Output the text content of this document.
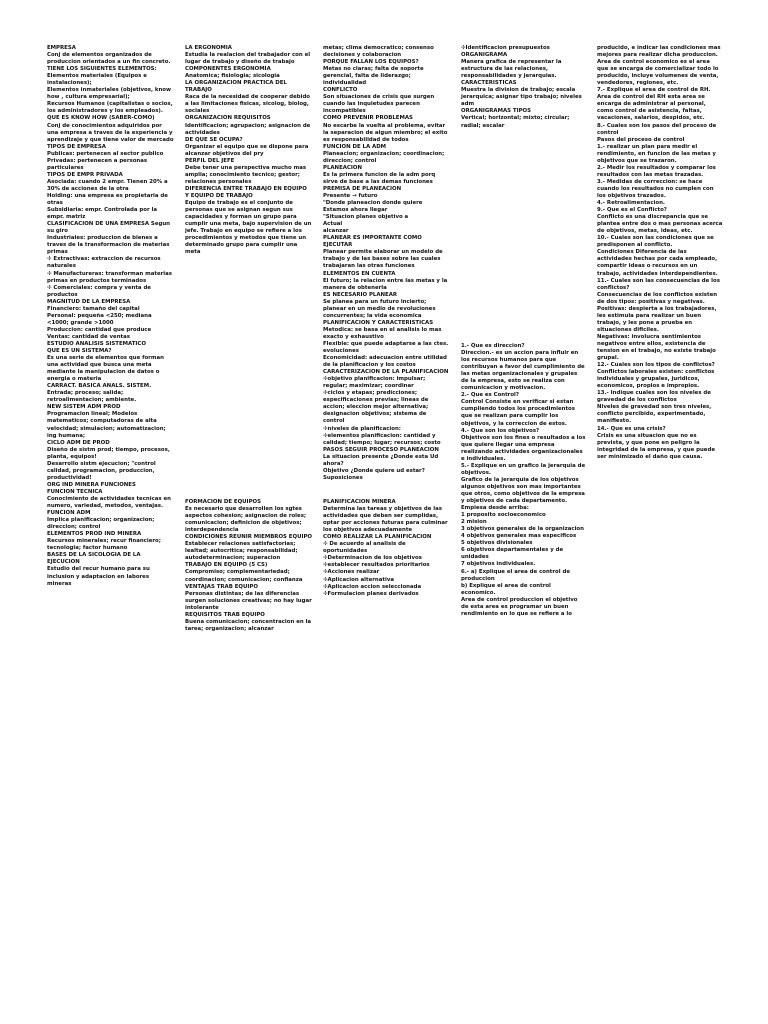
EMPRESA

Conj de elementos organizados de produccion orientados a un fin concreto.

TIENE LOS SIGUIENTES ELEMENTOS:

Elementos materiales (Equipos e instalaciones);

Elementos inmateriales (objetivos, know how , cultura empresarial);

Recursos Humanos (capitalistas o socios, los administradores y los empleados).

QUE ES KNOW HOW (SABER-COMO)

Conj de conocimientos adquiridos por una empresa a traves de la experiencia y aprendizaje y que tiene valor de mercado

TIPOS DE EMPRESA

Publicas: pertenecen al sector publico

Privadas: pertenecen a personas particulares

TIPOS DE EMPR PRIVADA

Asociada: cuando 2 empr. Tienen 20% a 30% de acciones de la otra

Holding: una empresa es propietaria de otras

Subsidiaria: empr. Controlada por la empr. matriz

CLASIFICACION DE UNA EMPRESA Segun su giro

Industriales: produccion de bienes a traves de la transformacion de materias primas

✢ Extractivas: extraccion de recursos naturales

✢ Manufactureras: transforman materias primas en productos terminados

✢ Comerciales: compra y venta de productos

MAGNITUD DE LA EMPRESA

Financiero: tamaño del capital

Personal: pequeña <250; mediana <1000; grande >1000

Produccion: cantidad que produce

Ventas: cantidad de ventas

ESTUDIO ANALISIS SISTEMATICO

QUE ES UN SISTEMA?

Es una serie de elementos que forman una actividad que busca una meta mediante la manipulacion de datos o energia o materia

CARRACT. BASICA ANALS. SISTEM.

Entrada; proceso; salida; retroalimentacion; ambiente.

NEW SISTEM ADM PROD

Programacion lineal; Modelos matematicos; computadoras de alta velocidad; simulacion; automatizacion; ing humana;

CICLO ADM DE PROD

Diseño de sistm prod; tiempo, procesos, planta, equipos!

Desarrollo sistm ejecucion; "control calidad, programacion, produccion, productividad!

ORG IND MINERA FUNCIONES

FUNCION TECNICA

Conocimiento de actividades tecnicas en numero, variedad, metodos, ventajas.

FUNCION ADM

Implica planificacion; organizacion; direccion; control

ELEMENTOS PROD IND MINERA

Recursos minerales; recur financiero; tecnologia; factor humano

BASES DE LA SICOLOGIA DE LA EJECUCION

Estudio del recur humano para su inclusion y adaptacion en labores mineras

LA ERGONOMIA

Estudia la realacion del trabajador con el lugar de trabajo y diseño de trabajo

COMPONENTES ERGONOMIA

Anatomica; fisiologia; sicologia

LA ORGANIZACION PRACTICA DEL TRABAJO

Raca de la necesidad de cooperar debido a las limitaciones fisicas, sicolog, biolog, sociales

ORGANIZACION REQUISITOS

Identificacion; agrupacion; asignacion de actividades

DE QUE SE OCUPA?

Organizar el equipo que se dispone para alcanzar objetivos del pry

PERFIL DEL JEFE

Debe tener una perspectiva mucho mas amplia; conocimiento tecnico; gestor; relaciones personales

DIFERENCIA ENTRE TRABAJO EN EQUIPO Y EQUIPO DE TRABAJO

Equipo de trabajo es el conjunto de personas que se asignan segun sus capacidades y forman un grupo para cumplir una meta, bajo supervision de un jefe. Trabajo en equipo se refiere a los procedimientos y metodos que tiene un determinado grupo para cumplir una meta

FORMACION DE EQUIPOS

Es necesario que desarrollen los sgtes aspectos cohesion; asignacion de roles; comunicacion; definicion de objetivos; interdependencia

CONDICIONES REUNIR MIEMBROS EQUIPO

Establecer relaciones satisfactorias; lealtad; autocritica; responsabilidad; autodeterminacion; superacion

TRABAJO EN EQUIPO (5 CS)

Compromiso; complementariedad; coordinacion; comunicacion; confianza

VENTAJAS TRAB EQUIPO

Personas distintas; de las diferencias surgen soluciones creativas; no hay lugar intolerante

REQUISITOS TRAB EQUIPO

Buena comunicacion; concentracion en la tarea; organizacion; alcanzar

metas; clima democratico; consenso decisiones y colaboracion

PORQUE FALLAN LOS EQUIPOS?

Metas no claras; falta de soporte gerencial, falta de liderazgo; individualidad

CONFLICTO

Son situaciones de crisis que surgen cuando las inquietudes parecen incompatibles

COMO PREVENIR PROBLEMAS

No escarbe la vuelta al problema, evitar la separacion de algun miembro; el exito es responsabilidad de todos

FUNCION DE LA ADM

Planeacion; organizacion; coordinacion; direccion; control

PLANEACION

Es la primera funcion de la adm porq sirve de base a las demas funciones

PREMISA DE PLANEACION

Presente → futuro

"Donde planeacion donde quiere

Estamos ahora llegar

"Situacion planes objetivo a

Actual

alcanzar

PLANEAR ES IMPORTANTE COMO EJECUTAR

Planear permite elaborar un modelo de trabajo y de las bases sobre las cuales trabajaran las otras funciones

ELEMENTOS EN CUENTA

El futuro; la relacion entre las metas y la manera de obtenerla

ES NECESARIO PLANEAR

Se planea para un futuro incierto; planear en un medio de revoluciones concurrentes; la vida economica

PLANIFICACION Y CARACTERISTICAS

Metodica: se basa en el analisis lo mas exacto y exhaustivo

Flexible: que puede adaptarse a las ctes. evoluciones

Economicidad: adecuacion entre utilidad de la planificacion y los costos

CARACTERIZACION DE LA PLANIFICACION

✢objetivo planificacion: impulsar; regular; maximizar; coordinar

✢ciclos y etapas; predicciones; especificaciones previas; lineas de accion; eleccion mejor alternativa; designacion objetivos; sistema de control

✢niveles de planificacion:

✢elementos planificacion: cantidad y calidad; tiempo; lugar; recursos; costo

PASOS SEGUIR PROCESO PLANEACION

La situacion presente ¿Donde esta Ud ahora?

Objetivo ¿Donde quiere ud estar?

Suposiciones

PLANIFICACION MINERA

Determina las tareas y objetivos de las actividades que deben ser cumplidas, optar por acciones futuras para culminar los objetivos adecuadamente

COMO REALIZAR LA PLANIFICACION

✢ De acuerdo al analisis de oportunidades

✢Determinacion de los objetivos

✢establecer resultados prioritarios

✢Acciones realizar

✢Aplicacion alternativa

✢Aplicacion accion seleccionada

✢Formulacion planes derivados

✢Identificacion presupuestos

ORGANIGRAMA

Manera grafica de representar la estructura de las relaciones, responsabilidades y jerarquias.

CARACTERISTICAS

Muestra la division de trabajo; escala jerarquica; asignar tipo trabajo; niveles adm

ORGANIGRAMAS TIPOS

Vertical; horizontal; mixto; circular; radial; escalar

1.- Que es direccion?

Direccion.- es un accion para influir en los recursos humanos para que contribuyan a favor del cumplimiento de las metas organizacionales y grupales de la empresa, esto se realiza con comunicacion y motivacion.

2.- Que es Control?

Control Consiste en verificar si estan cumpliendo todos los procedimientos que se realizan para cumplir los objetivos, y la correccion de estos.

4.- Que son los objetivos?

Objetivos son los fines o resultados a los que quiere llegar una empresa realizando actividades organizacionales e individuales.

5.- Explique en un grafico la jerarquia de objetivos.

Grafico de la jerarquia de los objetivos algunos objetivos son mas importantes que otros, como objetivos de la empresa y objetivos de cada departamento. Empiesa desde arriba:

1 proposito socioeconomico

2 mision

3 objetivos generales de la organizacion

4 objetivos generales mas especificos

5 objetivos divisionales

6 objetivos departamentales y de unidades

7 objetivos individuales.

6.- a) Explique el area de control de produccion

b) Explique el area de control economico.

Area de control produccion el objetivo de esta area es programar un buen rendimiento en lo que se refiere a lo

producido, e indicar las condiciones mas mejores para realizar dicha produccion. Area de control economico es el area que se encarga de comercializar todo lo producido, incluye volumenes de venta, vendedores, regiones, etc.

7.- Explique el area de control de RH.

Area de control del RH esta area se encarga de administrar al personal, como control de asistencia, faltas, vacaciones, salarios, despidos, etc.

8.- Cuales son los pasos del proceso de control

Pasos del proceso de control

1.- realizar un plan para medir el rendimiento, en funcion de las metas y objetivos que se trazaron.

2.- Medir los resultados y comparar los resultados con las metas trazadas.

3.- Medidas de correccion: se hace cuando los resultados no cumplen con los objetivos trazados.

4.- Retroalimentacion.

9.- Que es el Conflicto?

Conflicto es una discrepancia que se plantea entre dos o mas personas acerca de objetivos, metas, ideas, etc.

10.- Cuales son las condiciones que se predisponen al conflicto.

Condiciones Diferencia de las actividades hechas por cada empleado, compartir ideas o recursos en un trabajo, actividades interdependientes.

11.- Cuales son las consecuencias de los conflictos?

Consecuencias de los conflictos existen de dos tipos: positivas y negativas.

Positivas: despierta a los trabajadores, les estimula para realizar un buen trabajo, y les pone a prueba en situaciones dificiles.

Negativas: involucra sentimientos negativos entre ellos, existencia de tension en el trabajo, no existe trabajo grupal.

12.- Cuales son los tipos de conflictos?

Conflictos laborales existen: conflictos individuales y grupales, juridicos, economicos, propios e impropios.

13.- Indique cuales son los niveles de gravedad de los conflictos

Niveles de gravedad son tres niveles, conflicto percibido, experimentado, manifiesto.

14.- Que es una crisis?

Crisis es una situacion que no es prevista, y que pone en peligro la integridad de la empresa, y que puede ser minimizado el daño que causa.
